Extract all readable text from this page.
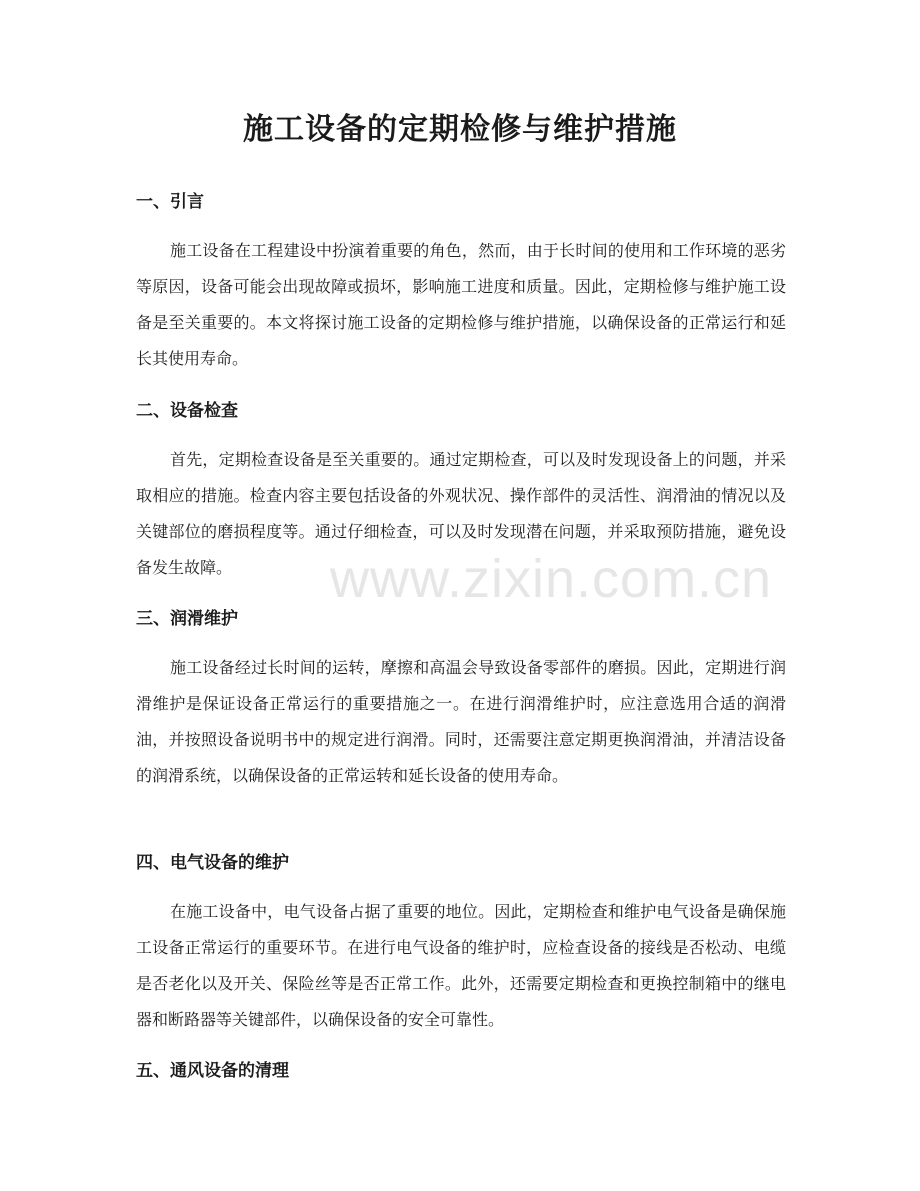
施工设备的定期检修与维护措施
一、引言

施工设备在工程建设中扮演着重要的角色，然而，由于长时间的使用和工作环境的恶劣等原因，设备可能会出现故障或损坏，影响施工进度和质量。因此，定期检修与维护施工设备是至关重要的。本文将探讨施工设备的定期检修与维护措施，以确保设备的正常运行和延长其使用寿命。

二、设备检查

首先，定期检查设备是至关重要的。通过定期检查，可以及时发现设备上的问题，并采取相应的措施。检查内容主要包括设备的外观状况、操作部件的灵活性、润滑油的情况以及关键部位的磨损程度等。通过仔细检查，可以及时发现潜在问题，并采取预防措施，避免设备发生故障。

三、润滑维护

施工设备经过长时间的运转，摩擦和高温会导致设备零部件的磨损。因此，定期进行润滑维护是保证设备正常运行的重要措施之一。在进行润滑维护时，应注意选用合适的润滑油，并按照设备说明书中的规定进行润滑。同时，还需要注意定期更换润滑油，并清洁设备的润滑系统，以确保设备的正常运转和延长设备的使用寿命。

四、电气设备的维护

在施工设备中，电气设备占据了重要的地位。因此，定期检查和维护电气设备是确保施工设备正常运行的重要环节。在进行电气设备的维护时，应检查设备的接线是否松动、电缆是否老化以及开关、保险丝等是否正常工作。此外，还需要定期检查和更换控制箱中的继电器和断路器等关键部件，以确保设备的安全可靠性。

五、通风设备的清理
www.zixin.com.cn
